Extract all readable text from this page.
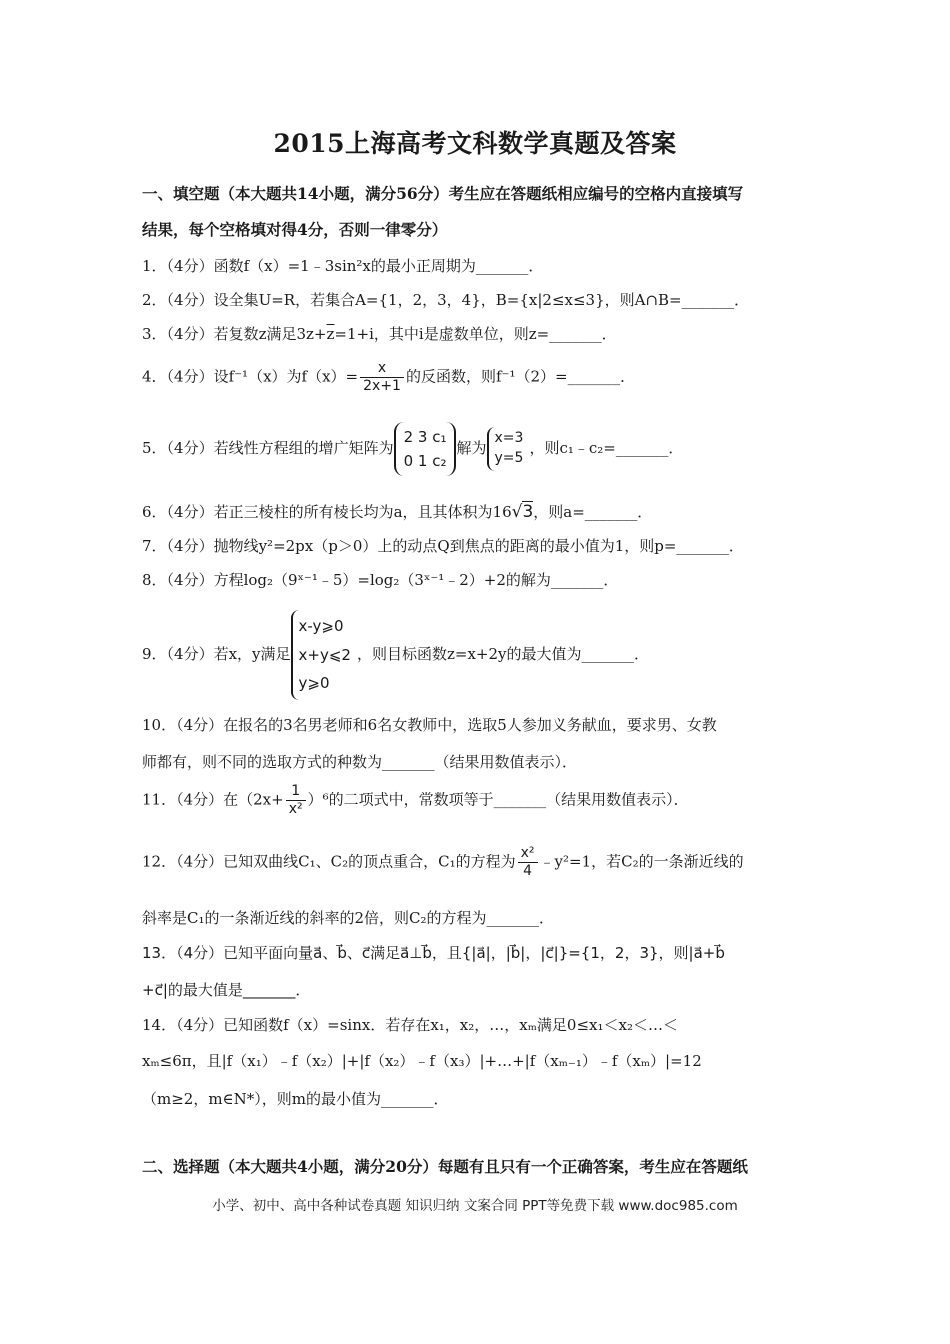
2015上海高考文科数学真题及答案
一、填空题（本大题共14小题，满分56分）考生应在答题纸相应编号的空格内直接填写
结果，每个空格填对得4分，否则一律零分）
1．（4分）函数f（x）=1﹣3sin²x的最小正周期为_______．
2．（4分）设全集U=R，若集合A={1，2，3，4}，B={x|2≤x≤3}，则A∩B=_______．
3．（4分）若复数z满足$3z+\overline{z}=1+i$，其中i是虚数单位，则z=_______．
4．（4分）设f⁻¹（x）为$f(x)= \frac{x}{2x+1}$ 的反函数，则f⁻¹（2）=_______．
5．（4分）若线性方程组的增广矩阵为
2 3 c₁
0 1 c₂
解为
x=3
y=5
，则c₁﹣c₂=_______．
6．（4分）若正三棱柱的所有棱长均为a，且其体积为16√3，则a=_______．
7．（4分）抛物线y²=2px（p＞0）上的动点Q到焦点的距离的最小值为1，则p=_______．
8．（4分）方程log₂（9ˣ⁻¹﹣5）=log₂（3ˣ⁻¹﹣2）+2的解为_______．
9．（4分）若x，y满足
x-y⩾0
x+y⩽2
y⩾0
，则目标函数z=x+2y的最大值为_______．
10．（4分）在报名的3名男老师和6名女教师中，选取5人参加义务献血，要求男、女教
师都有，则不同的选取方式的种数为_______（结果用数值表示）．
11．（4分）在$(2x+ \frac{1}{\text{x²}} )^6$的二项式中，常数项等于_______（结果用数值表示）．
12．（4分）已知双曲线C₁、C₂的顶点重合，C₁的方程为 $\frac{\text{x²}}{4}$ ﹣y²=1，若C₂的一条渐近线的
斜率是C₁的一条渐近线的斜率的2倍，则C₂的方程为_______．
13．（4分）已知平面向量a⃗、b⃗、c⃗满足a⃗⊥b⃗，且{|a⃗|，|b⃗|，|c⃗|}={1，2，3}，则|a⃗+b⃗
+c⃗|的最大值是_______．
14．（4分）已知函数f（x）=sinx．若存在x₁，x₂，…，xₘ满足0≤x₁＜x₂＜…＜
xₘ≤6π，且|f（x₁）﹣f（x₂）|+|f（x₂）﹣f（x₃）|+…+|f（xₘ₋₁）﹣f（xₘ）|=12
（m≥2，m∈N*），则m的最小值为_______．
二、选择题（本大题共4小题，满分20分）每题有且只有一个正确答案，考生应在答题纸
小学、初中、高中各种试卷真题 知识归纳 文案合同 PPT等免费下载 www.doc985.com
